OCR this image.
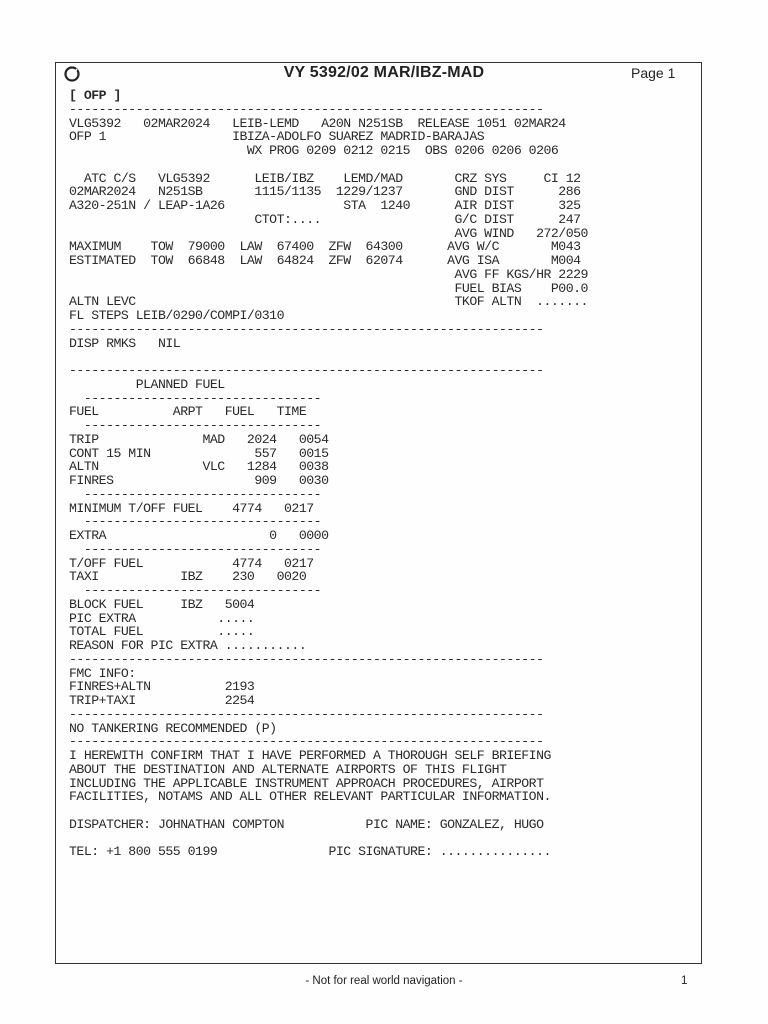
VY 5392/02 MAR/IBZ-MAD	Page 1
[ OFP ]
----------------------------------------------------------------
VLG5392   02MAR2024   LEIB-LEMD   A20N N251SB  RELEASE 1051 02MAR24
OFP 1                 IBIZA-ADOLFO SUAREZ MADRID-BARAJAS
WX PROG 0209 0212 0215  OBS 0206 0206 0206
ATC C/S   VLG5392      LEIB/IBZ    LEMD/MAD       CRZ SYS     CI 12
02MAR2024   N251SB       1115/1135  1229/1237       GND DIST      286
A320-251N / LEAP-1A26                STA  1240      AIR DIST      325
CTOT:....                  G/C DIST      247
AVG WIND   272/050
MAXIMUM    TOW  79000  LAW  67400  ZFW  64300      AVG W/C       M043
ESTIMATED  TOW  66848  LAW  64824  ZFW  62074      AVG ISA       M004
AVG FF KGS/HR 2229
FUEL BIAS    P00.0
ALTN LEVC                                           TKOF ALTN  .......
FL STEPS LEIB/0290/COMPI/0310
----------------------------------------------------------------
DISP RMKS   NIL
----------------------------------------------------------------
PLANNED FUEL
--------------------------------
FUEL          ARPT   FUEL   TIME
--------------------------------
TRIP              MAD   2024   0054
CONT 15 MIN              557   0015
ALTN              VLC   1284   0038
FINRES                   909   0030
--------------------------------
MINIMUM T/OFF FUEL    4774   0217
--------------------------------
EXTRA                      0   0000
--------------------------------
T/OFF FUEL            4774   0217
TAXI           IBZ    230   0020
--------------------------------
BLOCK FUEL     IBZ   5004
PIC EXTRA           .....
TOTAL FUEL          .....
REASON FOR PIC EXTRA ...........
----------------------------------------------------------------
FMC INFO:
FINRES+ALTN          2193
TRIP+TAXI            2254
----------------------------------------------------------------
NO TANKERING RECOMMENDED (P)
----------------------------------------------------------------
I HEREWITH CONFIRM THAT I HAVE PERFORMED A THOROUGH SELF BRIEFING
ABOUT THE DESTINATION AND ALTERNATE AIRPORTS OF THIS FLIGHT
INCLUDING THE APPLICABLE INSTRUMENT APPROACH PROCEDURES, AIRPORT
FACILITIES, NOTAMS AND ALL OTHER RELEVANT PARTICULAR INFORMATION.
DISPATCHER: JOHNATHAN COMPTON           PIC NAME: GONZALEZ, HUGO
TEL: +1 800 555 0199               PIC SIGNATURE: ...............
- Not for real world navigation -	1
